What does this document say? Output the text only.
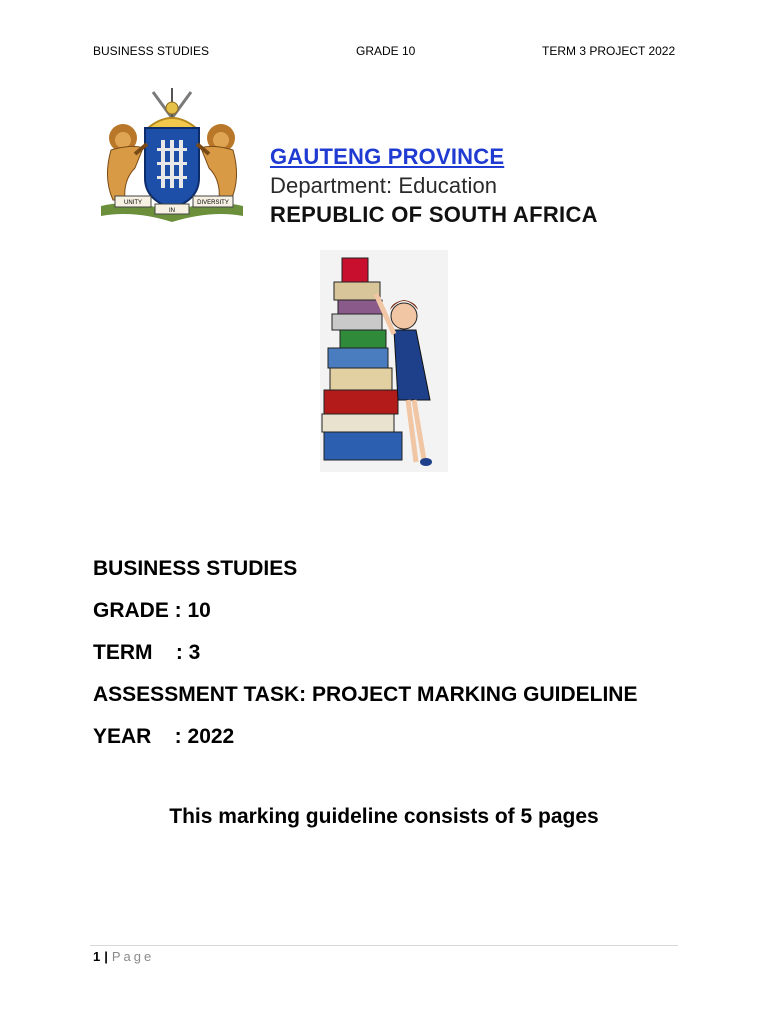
BUSINESS STUDIES	GRADE 10	TERM 3 PROJECT 2022
UNITY
IN
DIVERSITY
GAUTENG PROVINCE
Department: Education
REPUBLIC OF SOUTH AFRICA
BUSINESS STUDIES
GRADE : 10
TERM    : 3
ASSESSMENT TASK: PROJECT MARKING GUIDELINE
YEAR    : 2022
This marking guideline consists of 5 pages
1 | Page
